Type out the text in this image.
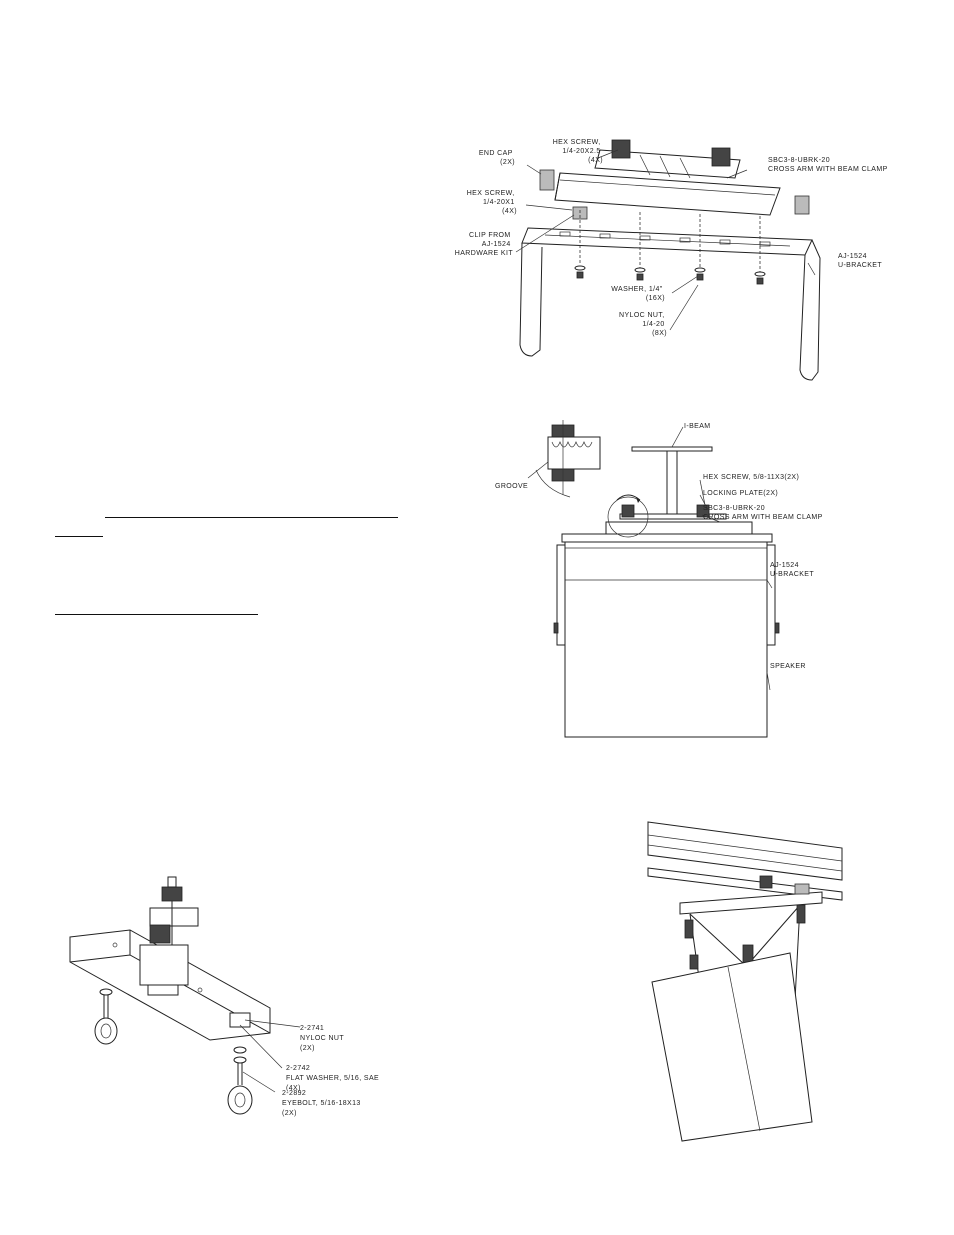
END CAP (2X)
HEX SCREW, 1/4-20X2.5 (4X)	SBC3-8-UBRK-20 CROSS ARM WITH BEAM CLAMP
HEX SCREW, 1/4-20X1 (4X)
CLIP FROM AJ-1524 HARDWARE KIT	AJ-1524 U-BRACKET
WASHER, 1/4" (16X)
NYLOC NUT, 1/4-20 (8X)
I-BEAM
GROOVE
HEX SCREW, 5/8-11X3(2X)
LOCKING PLATE(2X)
SBC3-8-UBRK-20 CROSS ARM WITH BEAM CLAMP
AJ-1524 U-BRACKET
SPEAKER
2-2741 NYLOC NUT (2X)
2-2742 FLAT WASHER, 5/16, SAE (4X)
2-2892 EYEBOLT, 5/16-18X13 (2X)
